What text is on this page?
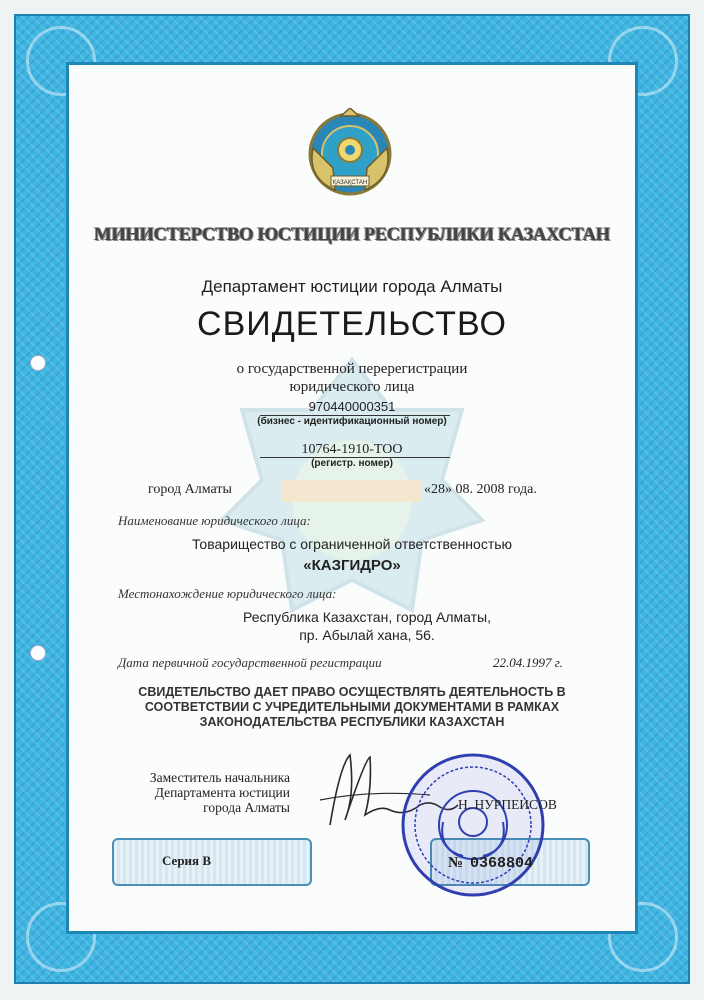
ҚАЗАҚСТАН
МИНИСТЕРСТВО ЮСТИЦИИ РЕСПУБЛИКИ КАЗАХСТАН
Департамент юстиции города Алматы
СВИДЕТЕЛЬСТВО
о государственной перерегистрации
юридического лица
970440000351
(бизнес - идентификационный номер)
10764-1910-ТОО
(регистр. номер)
город Алматы	«28» 08. 2008 года.
Наименование юридического лица:
Товарищество с ограниченной ответственностью
«КАЗГИДРО»
Местонахождение юридического лица:
Республика Казахстан, город Алматы,
пр. Абылай хана, 56.
Дата первичной государственной регистрации	22.04.1997 г.
СВИДЕТЕЛЬСТВО ДАЕТ ПРАВО ОСУЩЕСТВЛЯТЬ ДЕЯТЕЛЬНОСТЬ В
СООТВЕТСТВИИ С УЧРЕДИТЕЛЬНЫМИ ДОКУМЕНТАМИ В РАМКАХ
ЗАКОНОДАТЕЛЬСТВА РЕСПУБЛИКИ КАЗАХСТАН
Заместитель начальника
Департамента юстиции
города Алматы	Н. НУРПЕИСОВ
Серия В	№ 0368804
